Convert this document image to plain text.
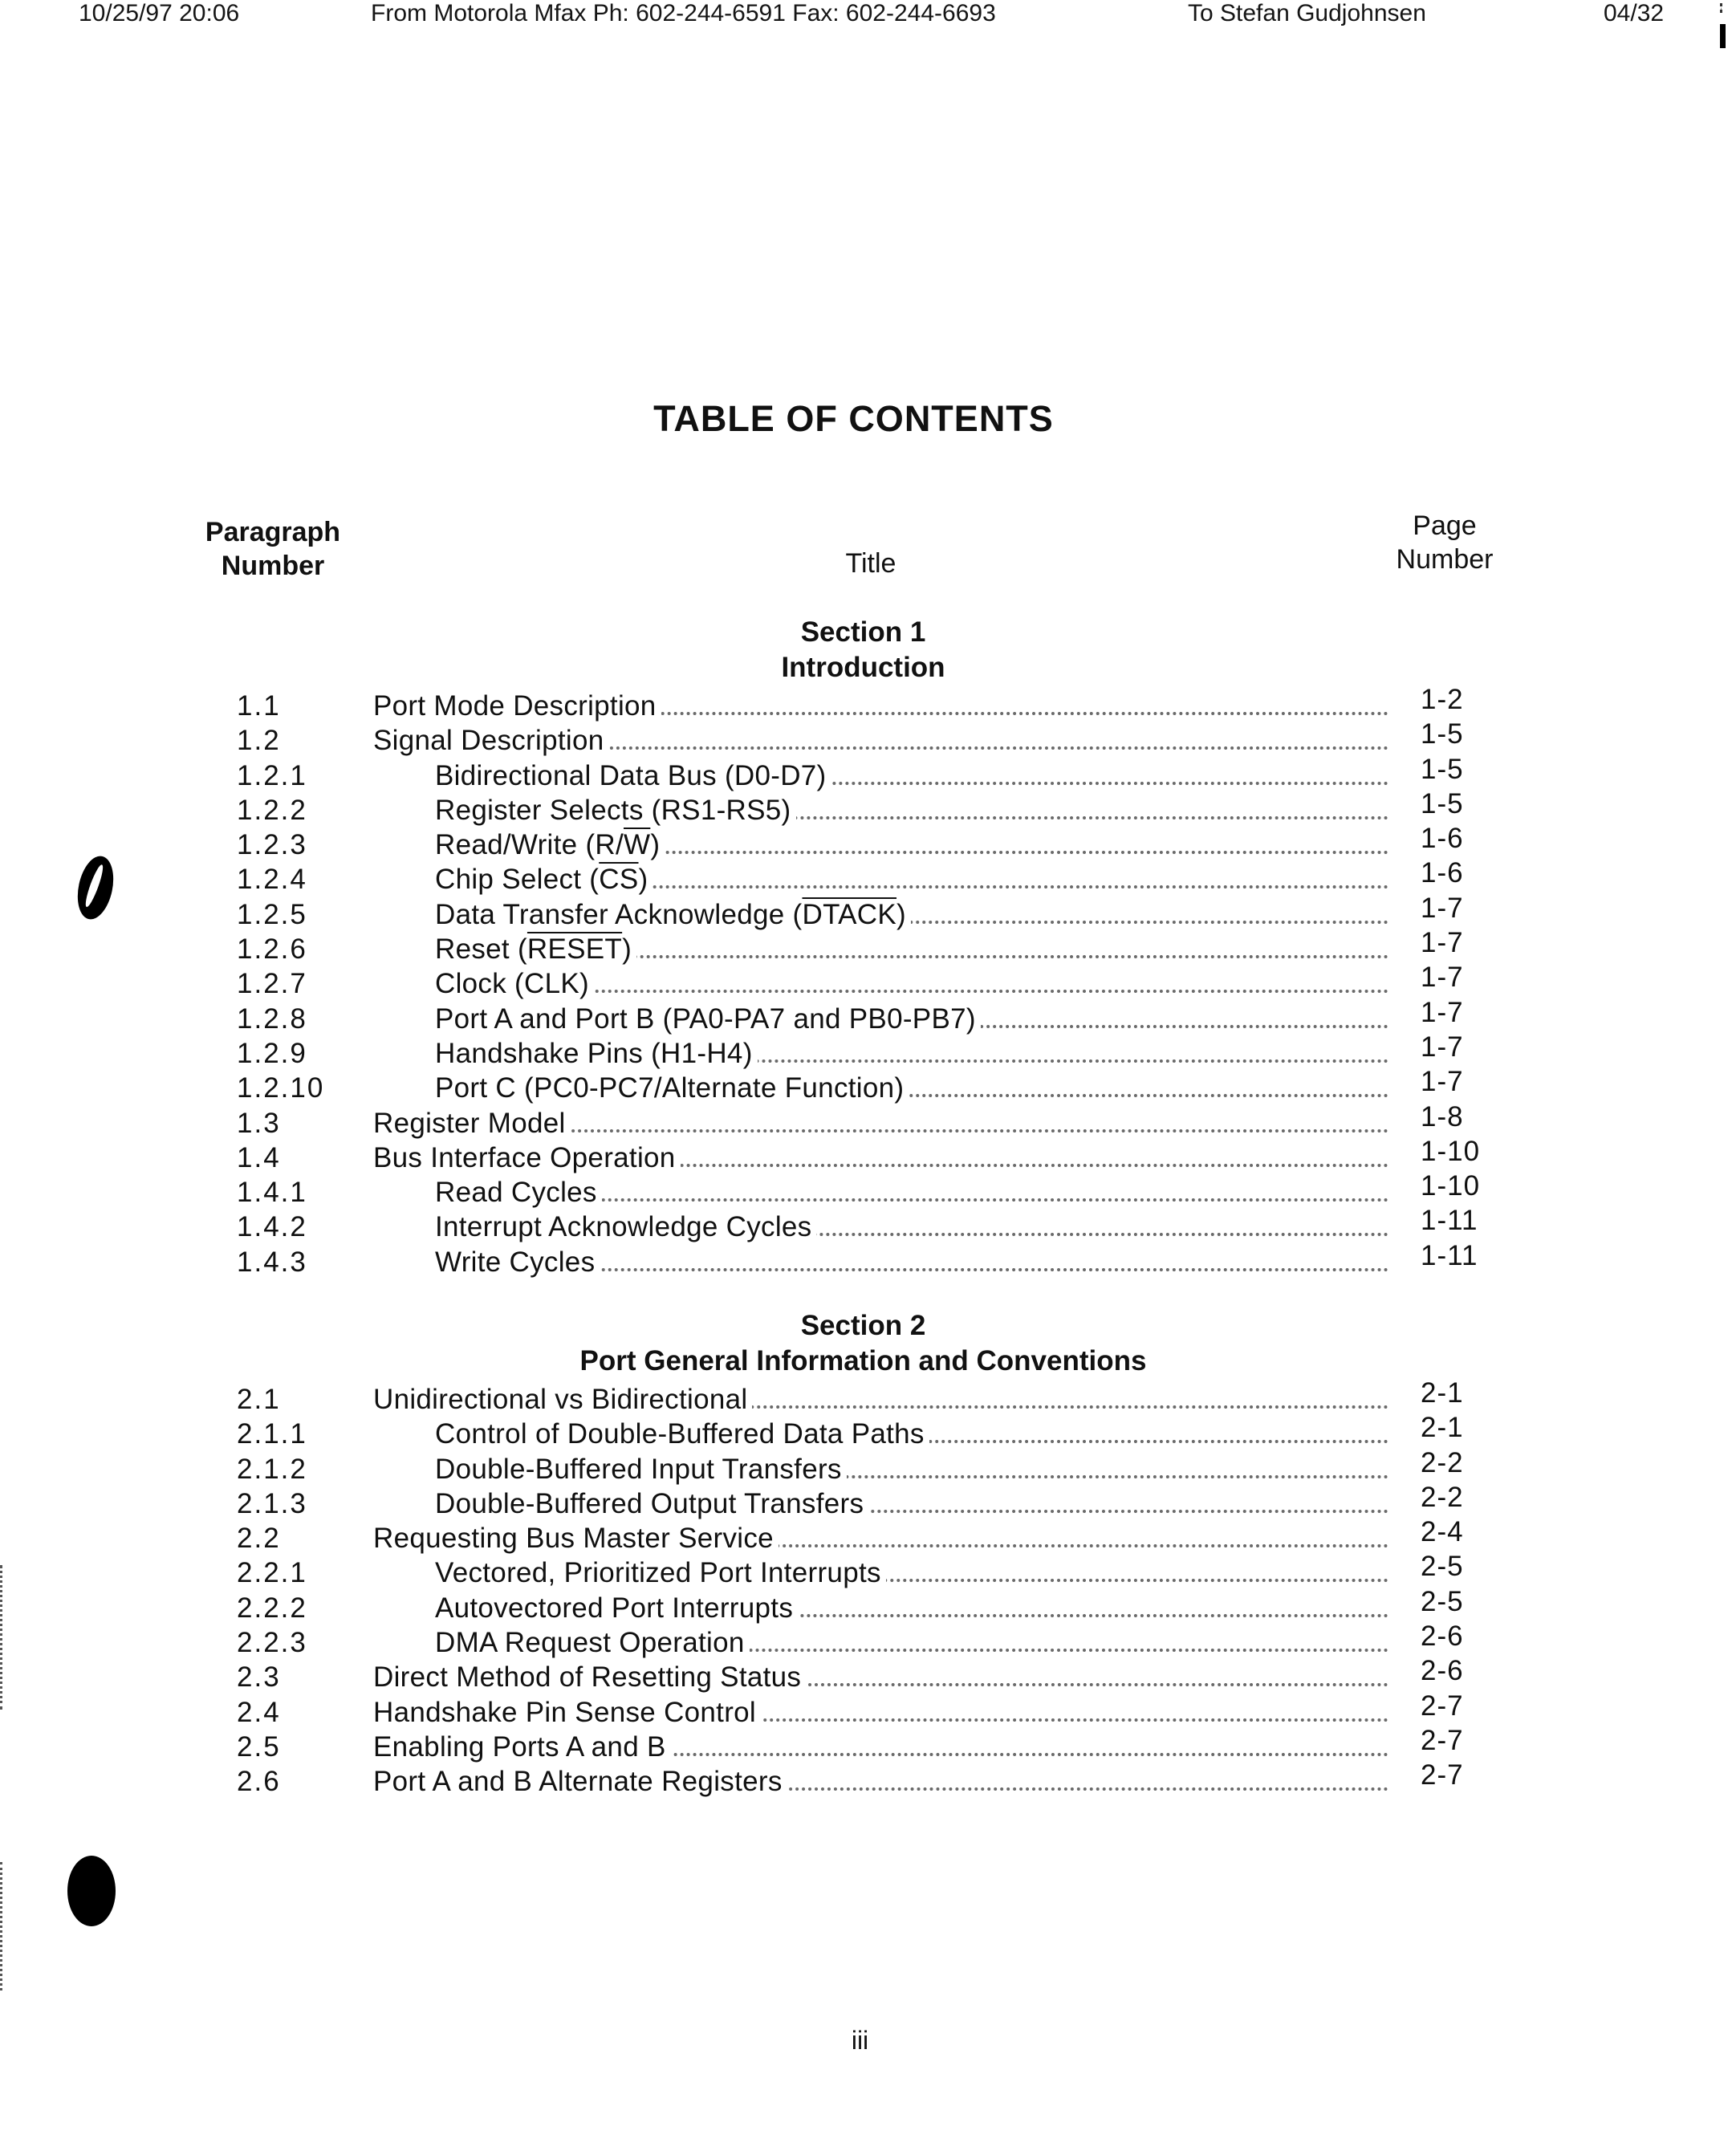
10/25/97 20:06	From Motorola Mfax Ph: 602-244-6591 Fax: 602-244-6693	To Stefan Gudjohnsen	04/32
TABLE OF CONTENTS
Paragraph
Number	Title
Page
Number
Section 1
Introduction
1.1	Port Mode Description	1-2
1.2	Signal Description	1-5
1.2.1	Bidirectional Data Bus (D0-D7)	1-5
1.2.2	Register Selects (RS1-RS5)	1-5
1.2.3	Read/Write $(R/\overline{W})$	1-6
1.2.4	Chip Select $(\overline{CS})$	1-6
1.2.5	Data Transfer Acknowledge (DTACK)	1-7
1.2.6	Reset (RESET)	1-7
1.2.7	Clock (CLK)	1-7
1.2.8	Port A and Port B (PA0-PA7 and PB0-PB7)	1-7
1.2.9	Handshake Pins (H1-H4)	1-7
1.2.10	Port C (PC0-PC7/Alternate Function)	1-7
1.3	Register Model	1-8
1.4	Bus Interface Operation	1-10
1.4.1	Read Cycles	1-10
1.4.2	Interrupt Acknowledge Cycles	1-11
1.4.3	Write Cycles	1-11
Section 2
Port General Information and Conventions
2.1	Unidirectional vs Bidirectional	2-1
2.1.1	Control of Double-Buffered Data Paths	2-1
2.1.2	Double-Buffered Input Transfers	2-2
2.1.3	Double-Buffered Output Transfers	2-2
2.2	Requesting Bus Master Service	2-4
2.2.1	Vectored, Prioritized Port Interrupts	2-5
2.2.2	Autovectored Port Interrupts	2-5
2.2.3	DMA Request Operation	2-6
2.3	Direct Method of Resetting Status	2-6
2.4	Handshake Pin Sense Control	2-7
2.5	Enabling Ports A and B	2-7
2.6	Port A and B Alternate Registers	2-7
iii
